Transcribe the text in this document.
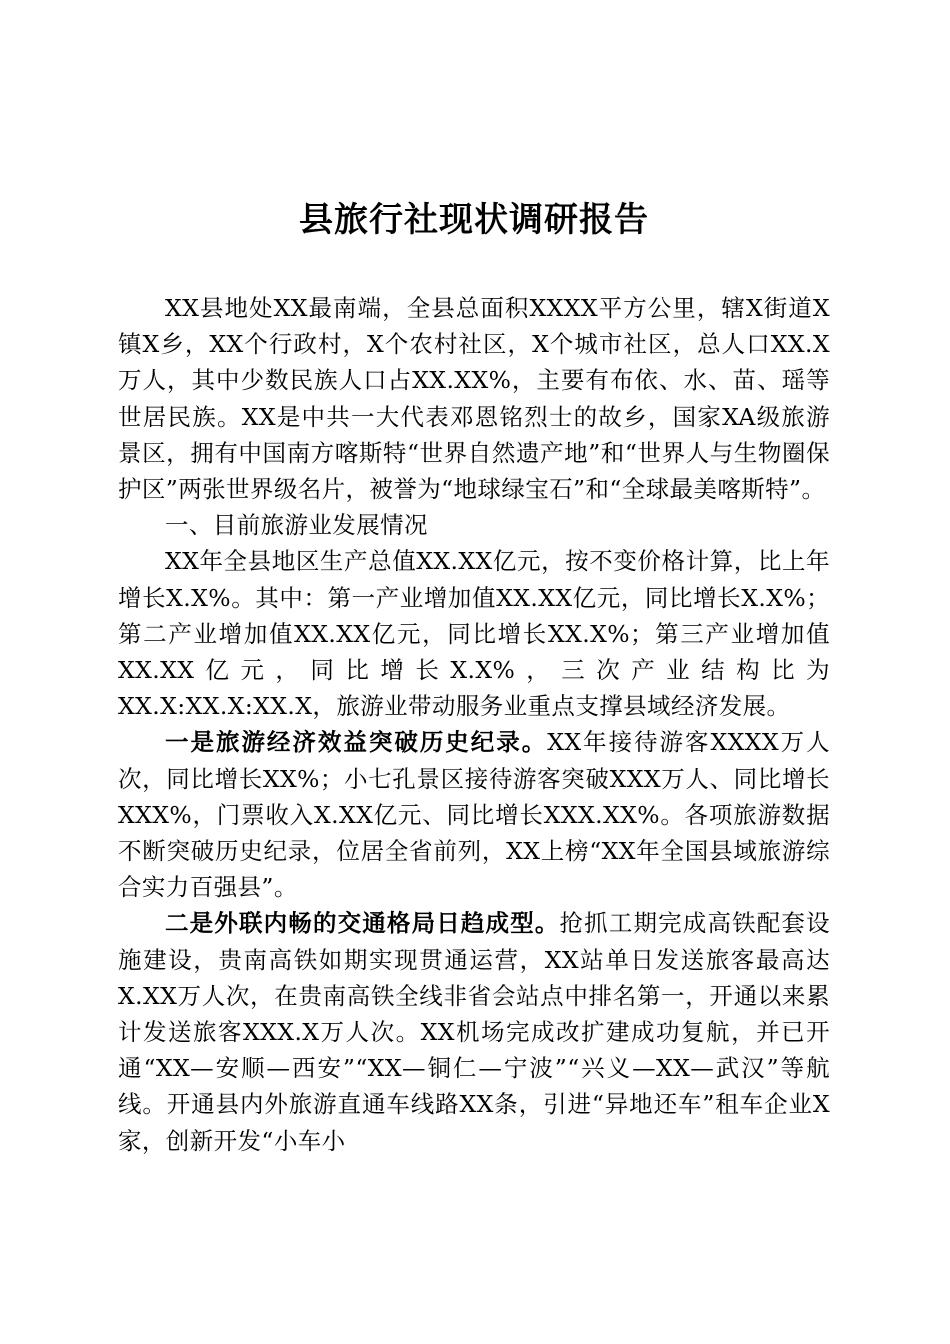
县旅行社现状调研报告

XX县地处XX最南端，全县总面积XXXX平方公里，辖X街道X镇X乡，XX个行政村，X个农村社区，X个城市社区，总人口XX.X万人，其中少数民族人口占XX.XX%，主要有布依、水、苗、瑶等世居民族。XX是中共一大代表邓恩铭烈士的故乡，国家XA级旅游景区，拥有中国南方喀斯特“世界自然遗产地”和“世界人与生物圈保护区”两张世界级名片，被誉为“地球绿宝石”和“全球最美喀斯特”。

一、目前旅游业发展情况

XX年全县地区生产总值XX.XX亿元，按不变价格计算，比上年增长X.X%。其中：第一产业增加值XX.XX亿元，同比增长X.X%；第二产业增加值XX.XX亿元，同比增长XX.X%；第三产业增加值XX.XX亿元，同比增长X.X%，三次产业结构比为XX.X:XX.X:XX.X，旅游业带动服务业重点支撑县域经济发展。

一是旅游经济效益突破历史纪录。XX年接待游客XXXX万人次，同比增长XX%；小七孔景区接待游客突破XXX万人、同比增长XXX%，门票收入X.XX亿元、同比增长XXX.XX%。各项旅游数据不断突破历史纪录，位居全省前列，XX上榜“XX年全国县域旅游综合实力百强县”。

二是外联内畅的交通格局日趋成型。抢抓工期完成高铁配套设施建设，贵南高铁如期实现贯通运营，XX站单日发送旅客最高达X.XX万人次，在贵南高铁全线非省会站点中排名第一，开通以来累计发送旅客XXX.X万人次。XX机场完成改扩建成功复航，并已开通“XX—安顺—西安”“XX—铜仁—宁波”“兴义—XX—武汉”等航线。开通县内外旅游直通车线路XX条，引进“异地还车”租车企业X家，创新开发“小车小
